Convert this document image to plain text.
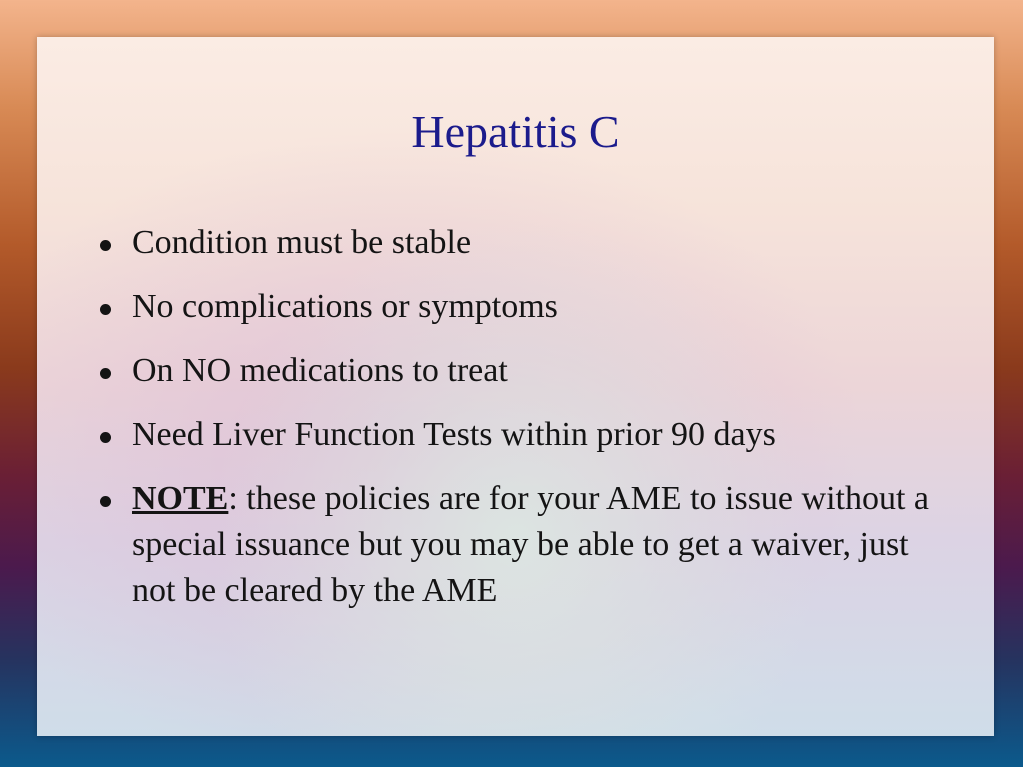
Hepatitis C
Condition must be stable
No complications or symptoms
On NO medications to treat
Need Liver Function Tests within prior 90 days
NOTE: these policies are for your AME to issue without a special issuance but you may be able to get a waiver, just not be cleared by the AME
